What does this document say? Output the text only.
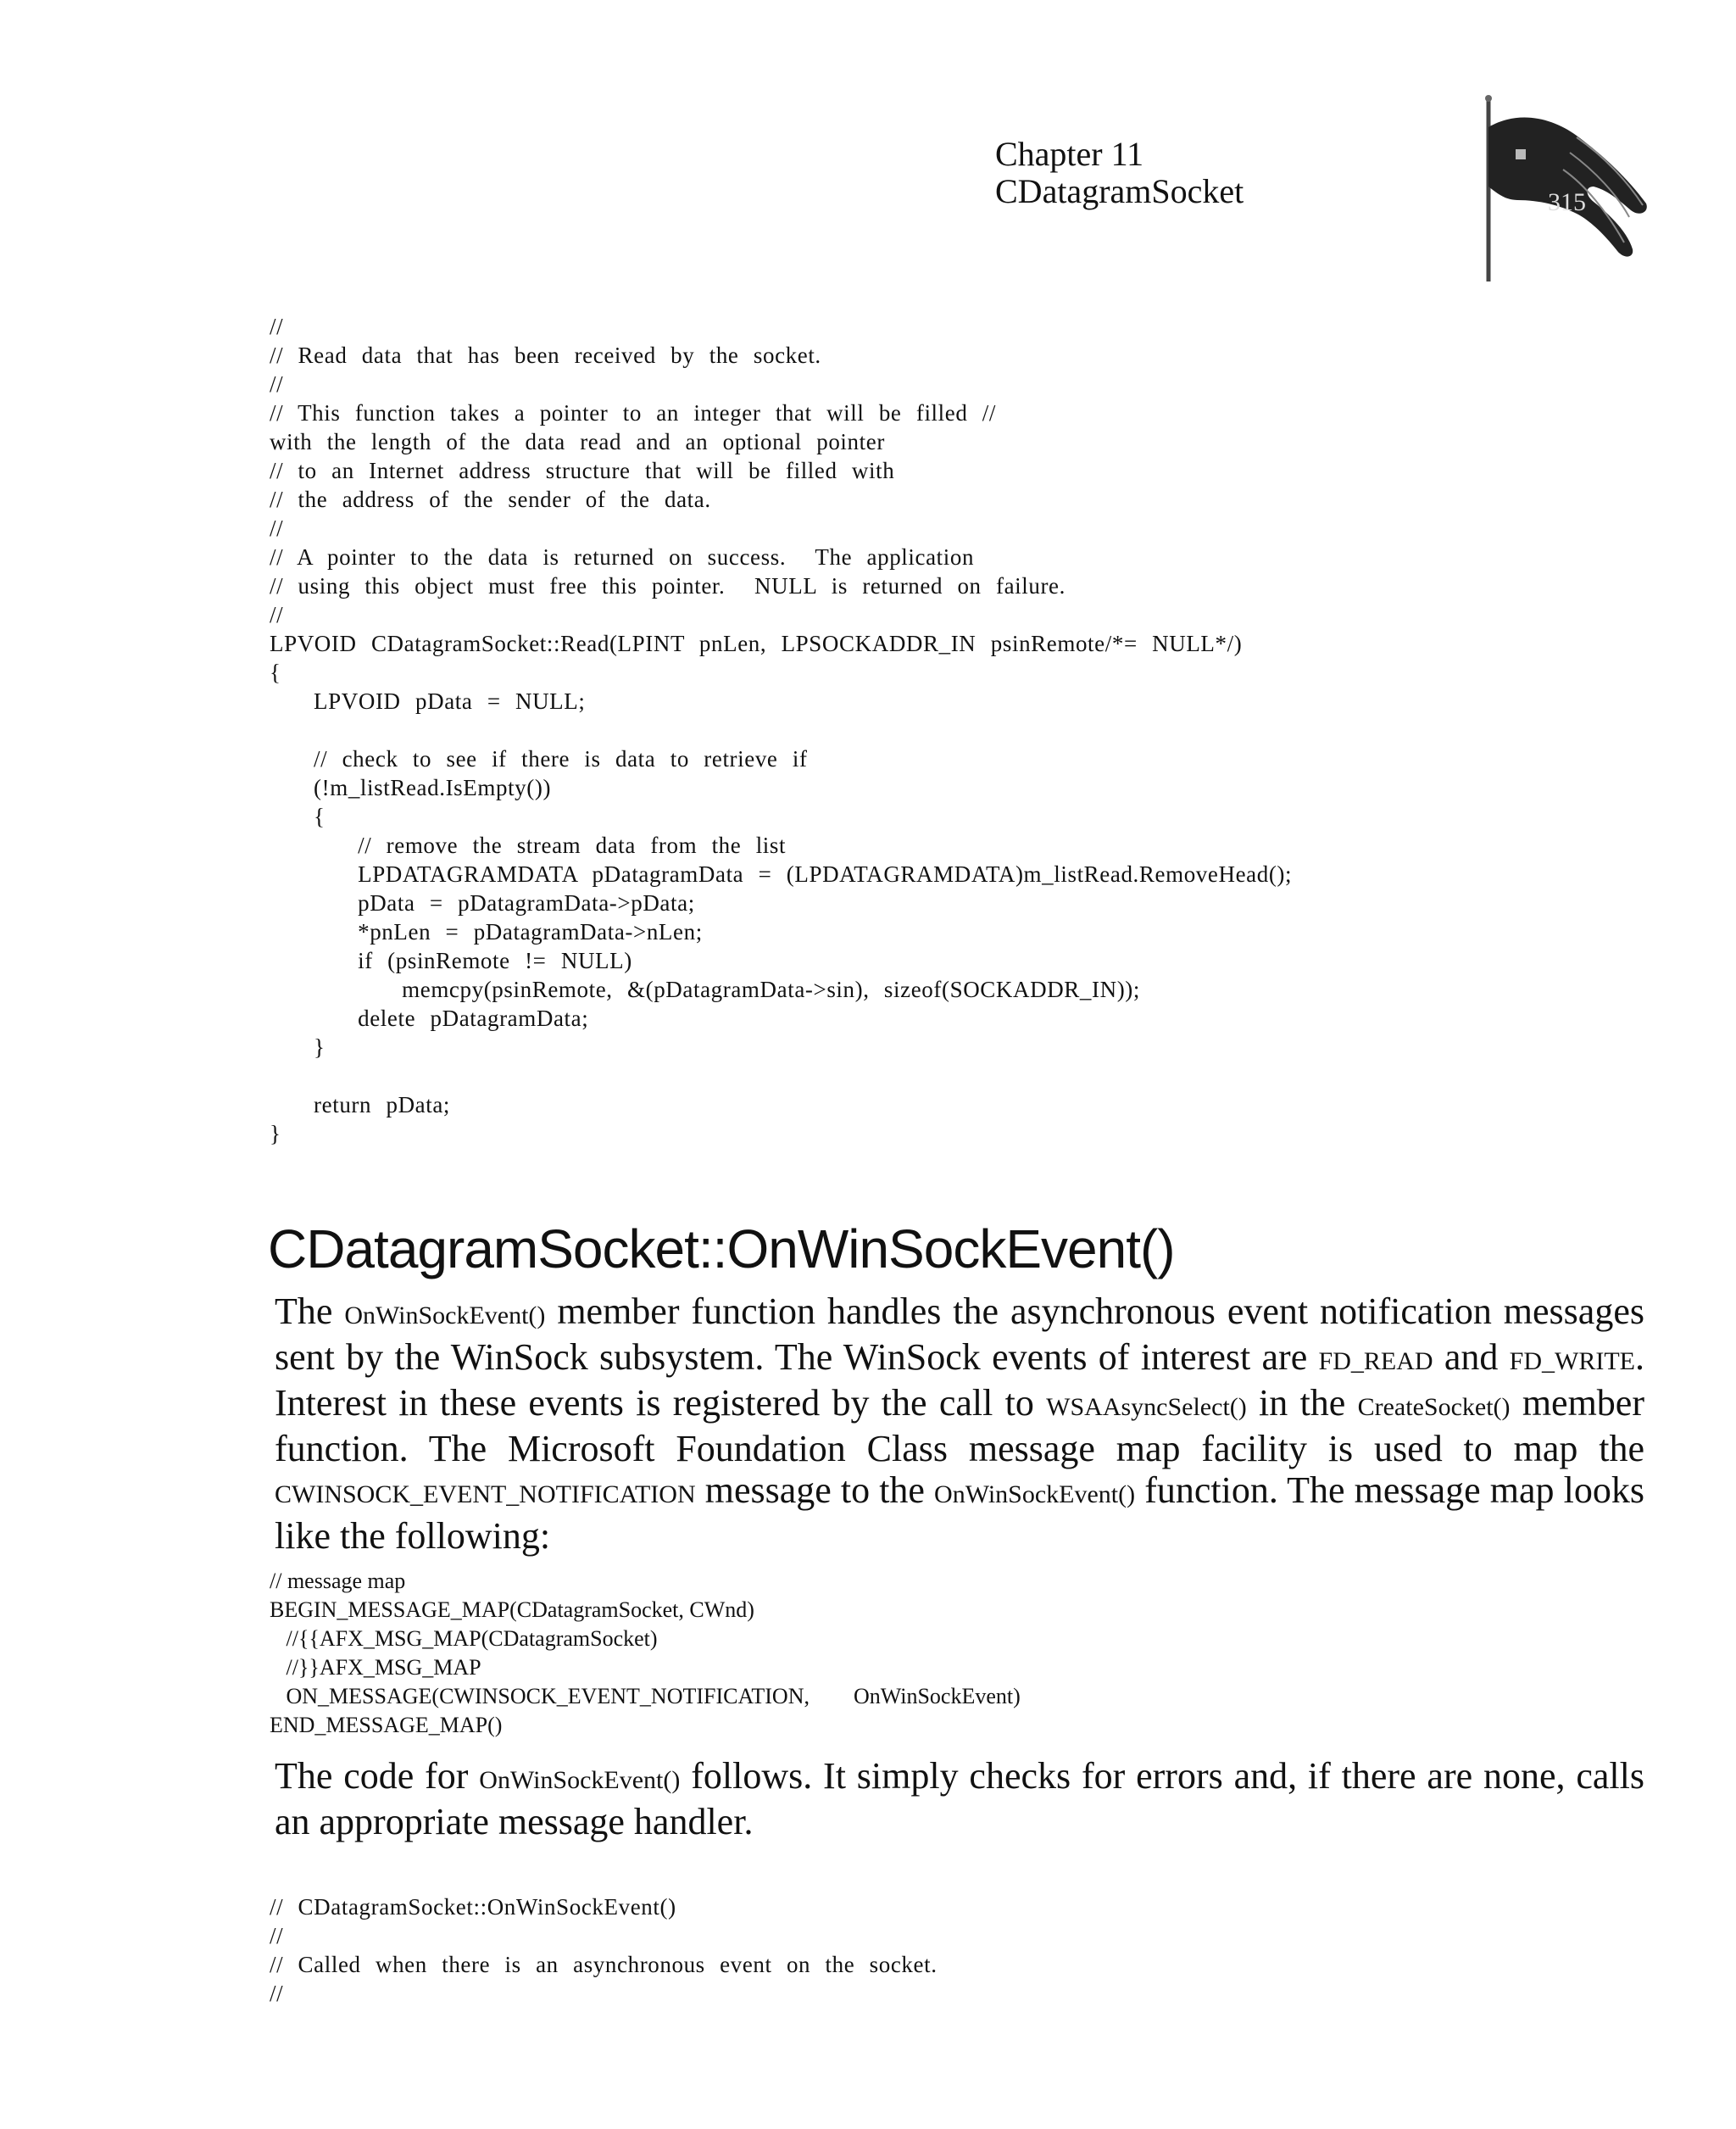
Chapter 11
CDatagramSocket	315
//
// Read data that has been received by the socket.
//
// This function takes a pointer to an integer that will be filled //
with the length of the data read and an optional pointer
// to an Internet address structure that will be filled with
// the address of the sender of the data.
//
// A pointer to the data is returned on success.  The application
// using this object must free this pointer.  NULL is returned on failure.
//
LPVOID CDatagramSocket::Read(LPINT pnLen, LPSOCKADDR_IN psinRemote/*= NULL*/)
{
LPVOID pData = NULL;
// check to see if there is data to retrieve if
(!m_listRead.IsEmpty())
{
// remove the stream data from the list
LPDATAGRAMDATA pDatagramData = (LPDATAGRAMDATA)m_listRead.RemoveHead();
pData = pDatagramData->pData;
*pnLen = pDatagramData->nLen;
if (psinRemote != NULL)
memcpy(psinRemote, &(pDatagramData->sin), sizeof(SOCKADDR_IN));
delete pDatagramData;
}
return pData;
}
CDatagramSocket::OnWinSockEvent()

The OnWinSockEvent() member function handles the asynchronous event notification messages sent by the WinSock subsystem. The WinSock events of interest are FD_READ and FD_WRITE. Interest in these events is registered by the call to WSAAsyncSelect() in the CreateSocket() member function. The Microsoft Foundation Class message map facility is used to map the CWINSOCK_EVENT_NOTIFICATION message to the OnWinSockEvent() function. The message map looks like the following:

// message map
BEGIN_MESSAGE_MAP(CDatagramSocket, CWnd)
//{{AFX_MSG_MAP(CDatagramSocket)
//}}AFX_MSG_MAP
ON_MESSAGE(CWINSOCK_EVENT_NOTIFICATION,        OnWinSockEvent)
END_MESSAGE_MAP()

The code for OnWinSockEvent() follows. It simply checks for errors and, if there are none, calls an appropriate message handler.

// CDatagramSocket::OnWinSockEvent()
//
// Called when there is an asynchronous event on the socket.
//
